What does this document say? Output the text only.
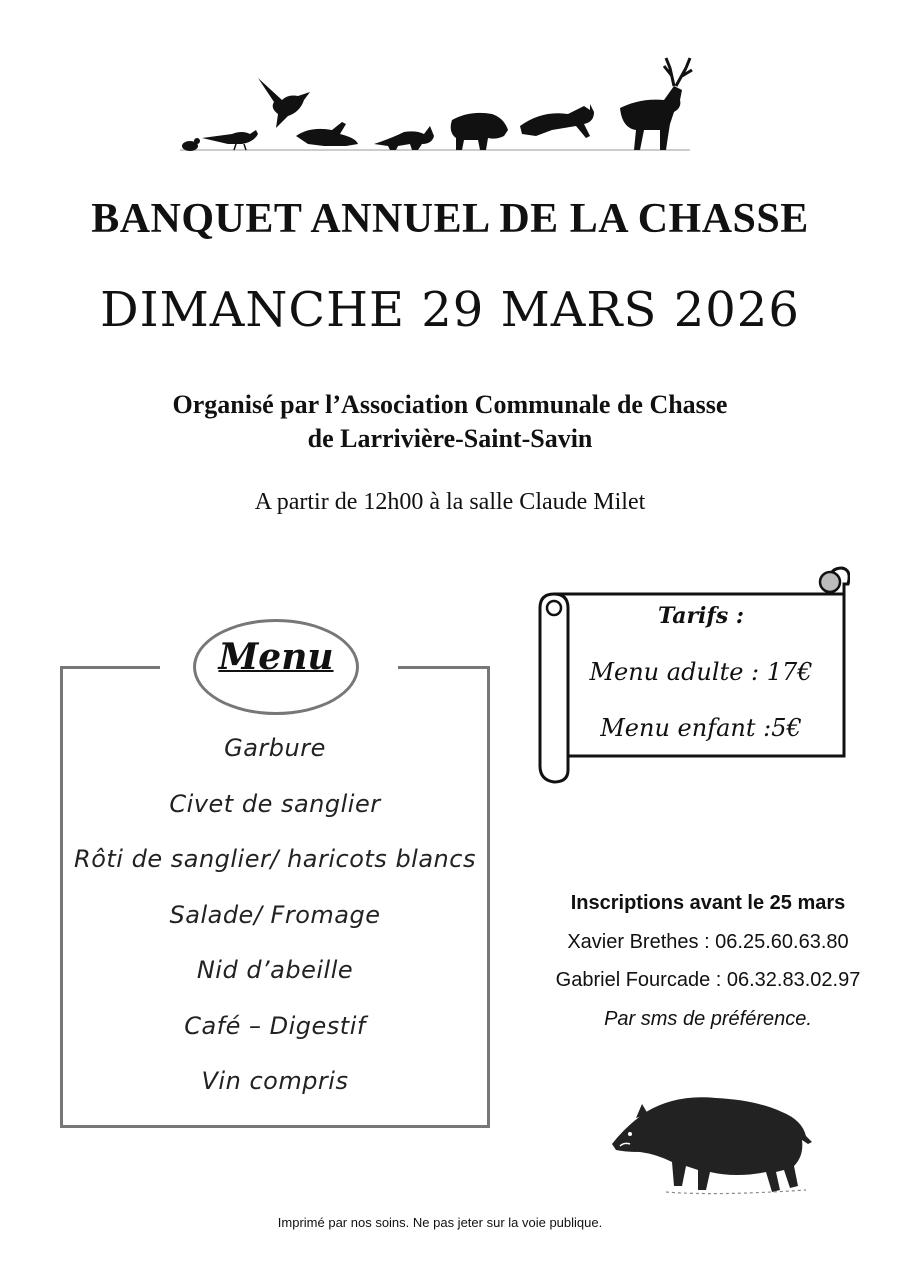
BANQUET ANNUEL DE LA CHASSE
DIMANCHE 29 MARS 2026
Organisé par l’Association Communale de Chasse
de Larrivière-Saint-Savin
A partir de 12h00 à la salle Claude Milet
Menu
Garbure
Civet de sanglier
Rôti de sanglier/ haricots blancs
Salade/ Fromage
Nid d’abeille
Café – Digestif
Vin compris
Tarifs :
Menu adulte : 17€
Menu enfant :5€
Inscriptions avant le 25 mars
Xavier Brethes : 06.25.60.63.80
Gabriel Fourcade : 06.32.83.02.97
Par sms de préférence.
Imprimé par nos soins. Ne pas jeter sur la voie publique.
